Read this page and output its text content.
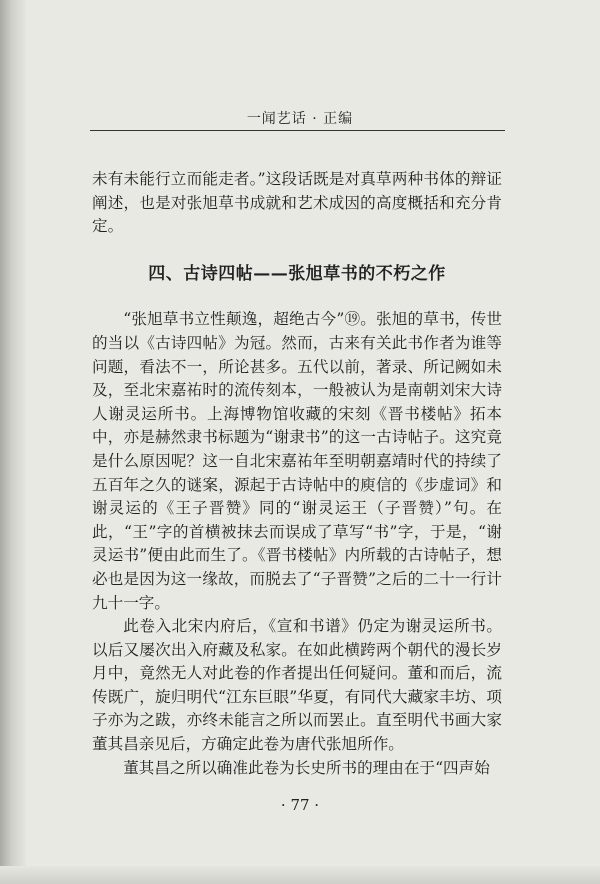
一闻艺话 · 正编

未有未能行立而能走者。”这段话既是对真草两种书体的辩证阐述，也是对张旭草书成就和艺术成因的高度概括和充分肯定。

四、古诗四帖——张旭草书的不朽之作

“张旭草书立性颠逸，超绝古今”⑲。张旭的草书，传世的当以《古诗四帖》为冠。然而，古来有关此书作者为谁等问题，看法不一，所论甚多。五代以前，著录、所记阙如未及，至北宋嘉祐时的流传刻本，一般被认为是南朝刘宋大诗人谢灵运所书。上海博物馆收藏的宋刻《晋书楼帖》拓本中，亦是赫然隶书标题为“谢隶书”的这一古诗帖子。这究竟是什么原因呢？这一自北宋嘉祐年至明朝嘉靖时代的持续了五百年之久的谜案，源起于古诗帖中的庾信的《步虚词》和谢灵运的《王子晋赞》同的“谢灵运王（子晋赞）”句。在此，“王”字的首横被抹去而误成了草写“书”字，于是，“谢灵运书”便由此而生了。《晋书楼帖》内所载的古诗帖子，想必也是因为这一缘故，而脱去了“子晋赞”之后的二十一行计九十一字。

此卷入北宋内府后，《宣和书谱》仍定为谢灵运所书。以后又屡次出入府藏及私家。在如此横跨两个朝代的漫长岁月中，竟然无人对此卷的作者提出任何疑问。董和而后，流传既广，旋归明代“江东巨眼”华夏，有同代大藏家丰坊、项子亦为之跋，亦终未能言之所以而罢止。直至明代书画大家董其昌亲见后，方确定此卷为唐代张旭所作。

董其昌之所以确准此卷为长史所书的理由在于“四声始

· 77 ·
